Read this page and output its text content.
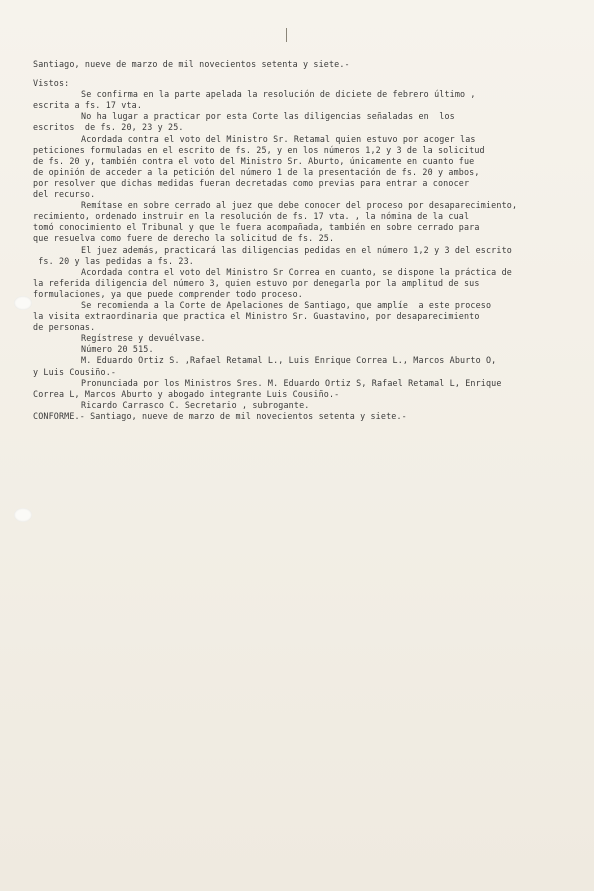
Santiago, nueve de marzo de mil novecientos setenta y siete.-
Vistos:
Se confirma en la parte apelada la resolución de diciete de febrero último ,
escrita a fs. 17 vta.
No ha lugar a practicar por esta Corte las diligencias señaladas en  los
escritos  de fs. 20, 23 y 25.
Acordada contra el voto del Ministro Sr. Retamal quien estuvo por acoger las
peticiones formuladas en el escrito de fs. 25, y en los números 1,2 y 3 de la solicitud
de fs. 20 y, también contra el voto del Ministro Sr. Aburto, únicamente en cuanto fue
de opinión de acceder a la petición del número 1 de la presentación de fs. 20 y ambos,
por resolver que dichas medidas fueran decretadas como previas para entrar a conocer
del recurso.
Remítase en sobre cerrado al juez que debe conocer del proceso por desaparecimiento,
recimiento, ordenado instruir en la resolución de fs. 17 vta. , la nómina de la cual
tomó conocimiento el Tribunal y que le fuera acompañada, también en sobre cerrado para
que resuelva como fuere de derecho la solicitud de fs. 25.
El juez además, practicará las diligencias pedidas en el número 1,2 y 3 del escrito
fs. 20 y las pedidas a fs. 23.
Acordada contra el voto del Ministro Sr Correa en cuanto, se dispone la práctica de
la referida diligencia del número 3, quien estuvo por denegarla por la amplitud de sus
formulaciones, ya que puede comprender todo proceso.
Se recomienda a la Corte de Apelaciones de Santiago, que amplíe  a este proceso
la visita extraordinaria que practica el Ministro Sr. Guastavino, por desaparecimiento
de personas.
Regístrese y devuélvase.
Número 20 515.
M. Eduardo Ortiz S. ,Rafael Retamal L., Luis Enrique Correa L., Marcos Aburto O,
y Luis Cousiño.-
Pronunciada por los Ministros Sres. M. Eduardo Ortiz S, Rafael Retamal L, Enrique
Correa L, Marcos Aburto y abogado integrante Luis Cousiño.-
Ricardo Carrasco C. Secretario , subrogante.
CONFORME.- Santiago, nueve de marzo de mil novecientos setenta y siete.-
